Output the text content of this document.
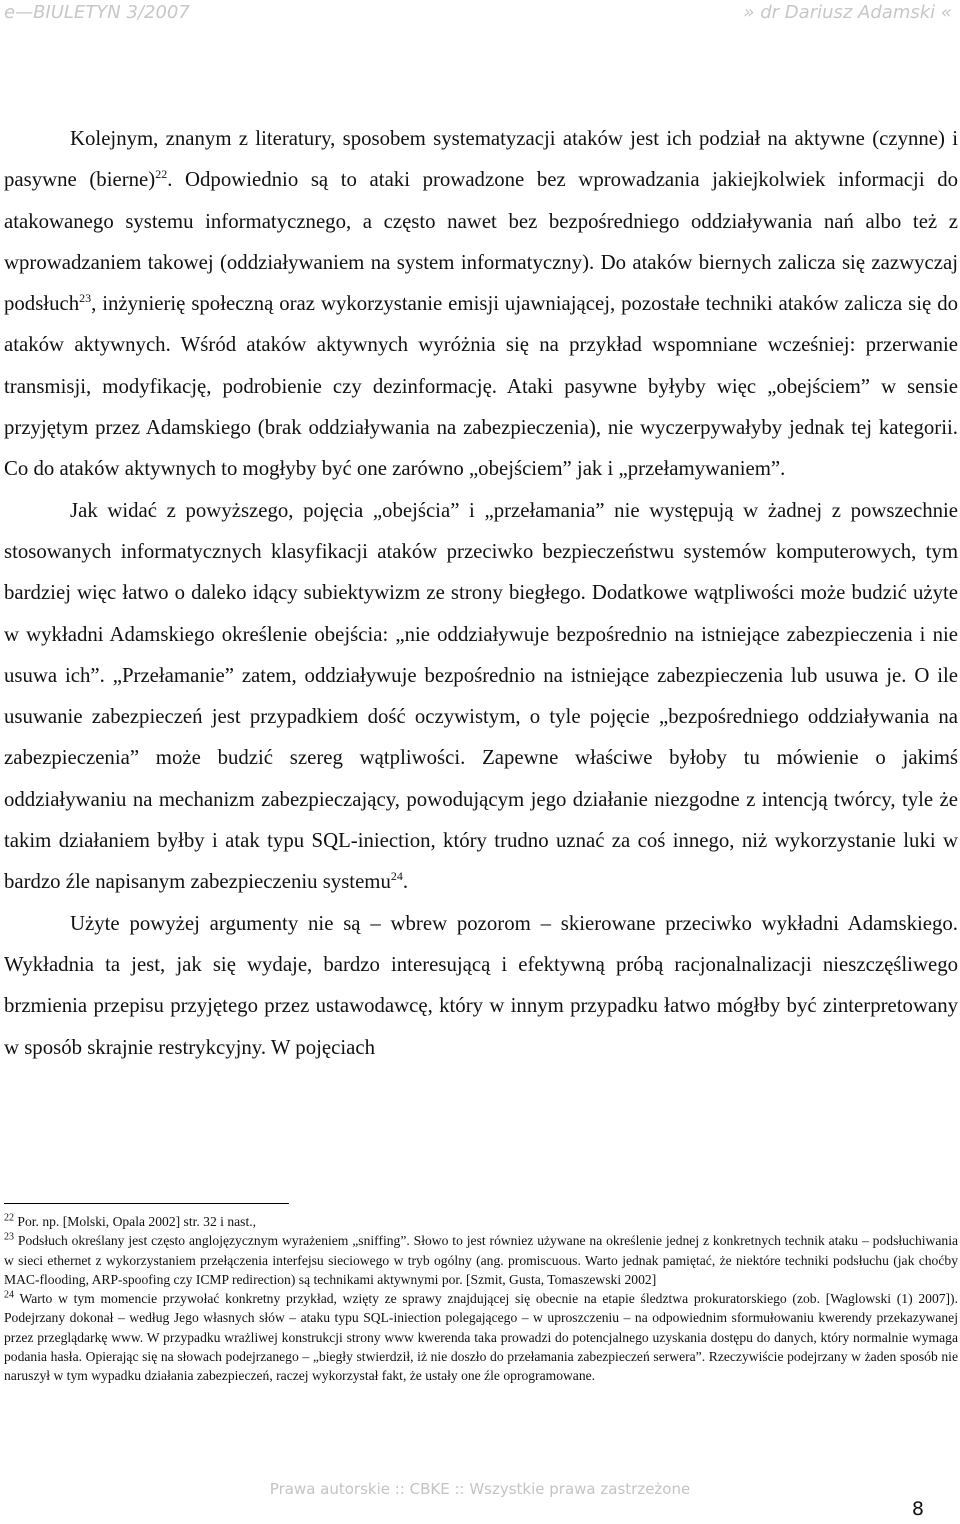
e—BIULETYN 3/2007	» dr Dariusz Adamski «

Kolejnym, znanym z literatury, sposobem systematyzacji ataków jest ich podział na aktywne (czynne) i pasywne (bierne)$^{22}$. Odpowiednio są to ataki prowadzone bez wprowadzania jakiejkolwiek informacji do atakowanego systemu informatycznego, a często nawet bez bezpośredniego oddziaływania nań albo też z wprowadzaniem takowej (oddziaływaniem na system informatyczny). Do ataków biernych zalicza się zazwyczaj podsłuch$^{23}$, inżynierię społeczną oraz wykorzystanie emisji ujawniającej, pozostałe techniki ataków zalicza się do ataków aktywnych. Wśród ataków aktywnych wyróżnia się na przykład wspomniane wcześniej: przerwanie transmisji, modyfikację, podrobienie czy dezinformację. Ataki pasywne byłyby więc „obejściem” w sensie przyjętym przez Adamskiego (brak oddziaływania na zabezpieczenia), nie wyczerpywałyby jednak tej kategorii. Co do ataków aktywnych to mogłyby być one zarówno „obejściem” jak i „przełamywaniem”.

Jak widać z powyższego, pojęcia „obejścia” i „przełamania” nie występują w żadnej z powszechnie stosowanych informatycznych klasyfikacji ataków przeciwko bezpieczeństwu systemów komputerowych, tym bardziej więc łatwo o daleko idący subiektywizm ze strony biegłego. Dodatkowe wątpliwości może budzić użyte w wykładni Adamskiego określenie obejścia: „nie oddziaływuje bezpośrednio na istniejące zabezpieczenia i nie usuwa ich”. „Przełamanie” zatem, oddziaływuje bezpośrednio na istniejące zabezpieczenia lub usuwa je. O ile usuwanie zabezpieczeń jest przypadkiem dość oczywistym, o tyle pojęcie „bezpośredniego oddziaływania na zabezpieczenia” może budzić szereg wątpliwości. Zapewne właściwe byłoby tu mówienie o jakimś oddziaływaniu na mechanizm zabezpieczający, powodującym jego działanie niezgodne z intencją twórcy, tyle że takim działaniem byłby i atak typu SQL-iniection, który trudno uznać za coś innego, niż wykorzystanie luki w bardzo źle napisanym zabezpieczeniu systemu$^{24}$.

Użyte powyżej argumenty nie są – wbrew pozorom – skierowane przeciwko wykładni Adamskiego. Wykładnia ta jest, jak się wydaje, bardzo interesującą i efektywną próbą racjonalnalizacji nieszczęśliwego brzmienia przepisu przyjętego przez ustawodawcę, który w innym przypadku łatwo mógłby być zinterpretowany w sposób skrajnie restrykcyjny. W pojęciach

$^{22}$ Por. np. [Molski, Opala 2002] str. 32 i nast.,

$^{23}$ Podsłuch określany jest często anglojęzycznym wyrażeniem „sniffing”. Słowo to jest równiez używane na określenie jednej z konkretnych technik ataku – podsłuchiwania w sieci ethernet z wykorzystaniem przełączenia interfejsu sieciowego w tryb ogólny (ang. promiscuous. Warto jednak pamiętać, że niektóre techniki podsłuchu (jak choćby MAC-flooding, ARP-spoofing czy ICMP redirection) są technikami aktywnymi por. [Szmit, Gusta, Tomaszewski 2002]

$^{24}$ Warto w tym momencie przywołać konkretny przykład, wzięty ze sprawy znajdującej się obecnie na etapie śledztwa prokuratorskiego (zob. [Waglowski (1) 2007]). Podejrzany dokonał – według Jego własnych słów – ataku typu SQL-iniection polegającego – w uproszczeniu – na odpowiednim sformułowaniu kwerendy przekazywanej przez przeglądarkę www. W przypadku wrażliwej konstrukcji strony www kwerenda taka prowadzi do potencjalnego uzyskania dostępu do danych, który normalnie wymaga podania hasła. Opierając się na słowach podejrzanego – „biegły stwierdził, iż nie doszło do przełamania zabezpieczeń serwera”. Rzeczywiście podejrzany w żaden sposób nie naruszył w tym wypadku działania zabezpieczeń, raczej wykorzystał fakt, że ustały one źle oprogramowane.

Prawa autorskie :: CBKE :: Wszystkie prawa zastrzeżone
8
